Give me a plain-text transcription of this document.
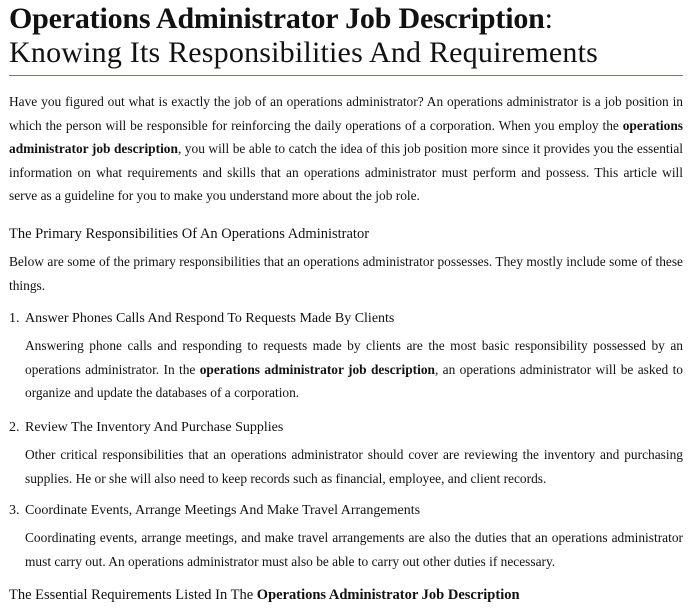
Operations Administrator Job Description:
Knowing Its Responsibilities And Requirements

Have you figured out what is exactly the job of an operations administrator? An operations administrator is a job position in which the person will be responsible for reinforcing the daily operations of a corporation. When you employ the operations administrator job description, you will be able to catch the idea of this job position more since it provides you the essential information on what requirements and skills that an operations administrator must perform and possess. This article will serve as a guideline for you to make you understand more about the job role.

The Primary Responsibilities Of An Operations Administrator

Below are some of the primary responsibilities that an operations administrator possesses. They mostly include some of these things.

1. Answer Phones Calls And Respond To Requests Made By Clients

Answering phone calls and responding to requests made by clients are the most basic responsibility possessed by an operations administrator. In the operations administrator job description, an operations administrator will be asked to organize and update the databases of a corporation.

2. Review The Inventory And Purchase Supplies

Other critical responsibilities that an operations administrator should cover are reviewing the inventory and purchasing supplies. He or she will also need to keep records such as financial, employee, and client records.

3. Coordinate Events, Arrange Meetings And Make Travel Arrangements

Coordinating events, arrange meetings, and make travel arrangements are also the duties that an operations administrator must carry out. An operations administrator must also be able to carry out other duties if necessary.

The Essential Requirements Listed In The Operations Administrator Job Description
